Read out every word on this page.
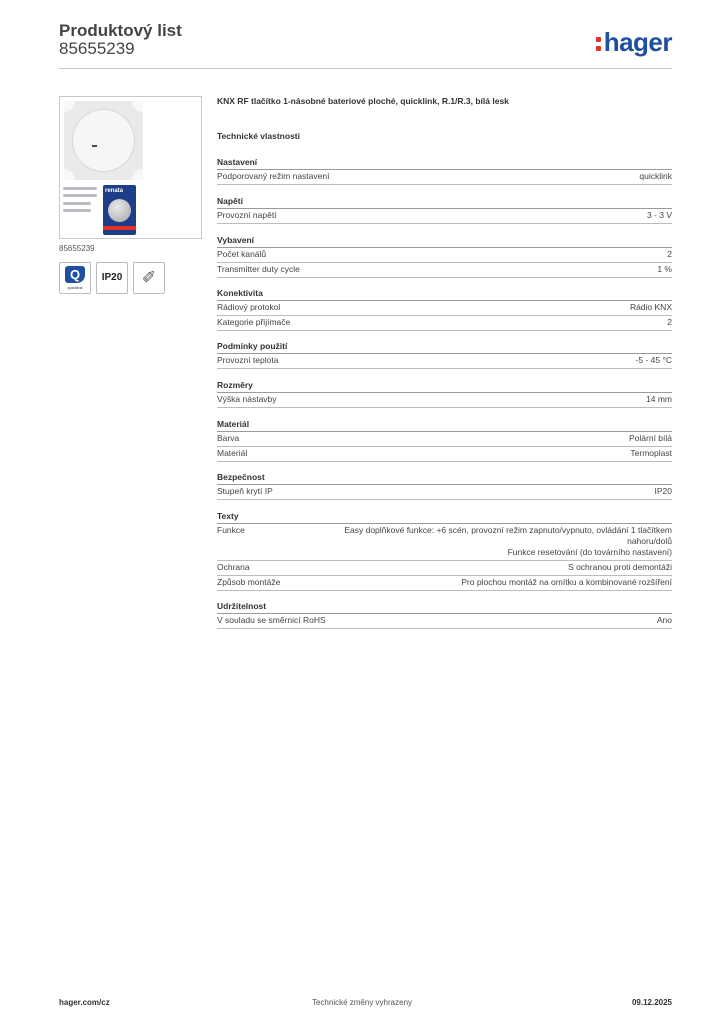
Produktový list
85655239	hager
renata
85655239
Q
quicklink
IP20	✐
KNX RF tlačítko 1-násobné bateriové ploché, quicklink, R.1/R.3, bílá lesk
Technické vlastnosti
Nastavení
Podporovaný režim nastavení	quicklink
Napětí
Provozní napětí	3 - 3 V
Vybavení
Počet kanálů	2
Transmitter duty cycle	1 %
Konektivita
Rádiový protokol	Rádio KNX
Kategorie přijímače	2
Podmínky použití
Provozní teplota	-5 - 45 °C
Rozměry
Výška nástavby	14 mm
Materiál
Barva	Polární bílá
Materiál	Termoplast
Bezpečnost
Stupeň krytí IP	IP20
Texty
Funkce	Easy doplňkové funkce: +6 scén, provozní režim zapnuto/vypnuto, ovládání 1 tlačítkem nahoru/dolů
Funkce resetování (do továrního nastavení)
Ochrana	S ochranou proti demontáži
Způsob montáže	Pro plochou montáž na omítku a kombinované rozšíření
Udržitelnost
V souladu se směrnicí RoHS	Ano
hager.com/cz	Technické změny vyhrazeny	09.12.2025
